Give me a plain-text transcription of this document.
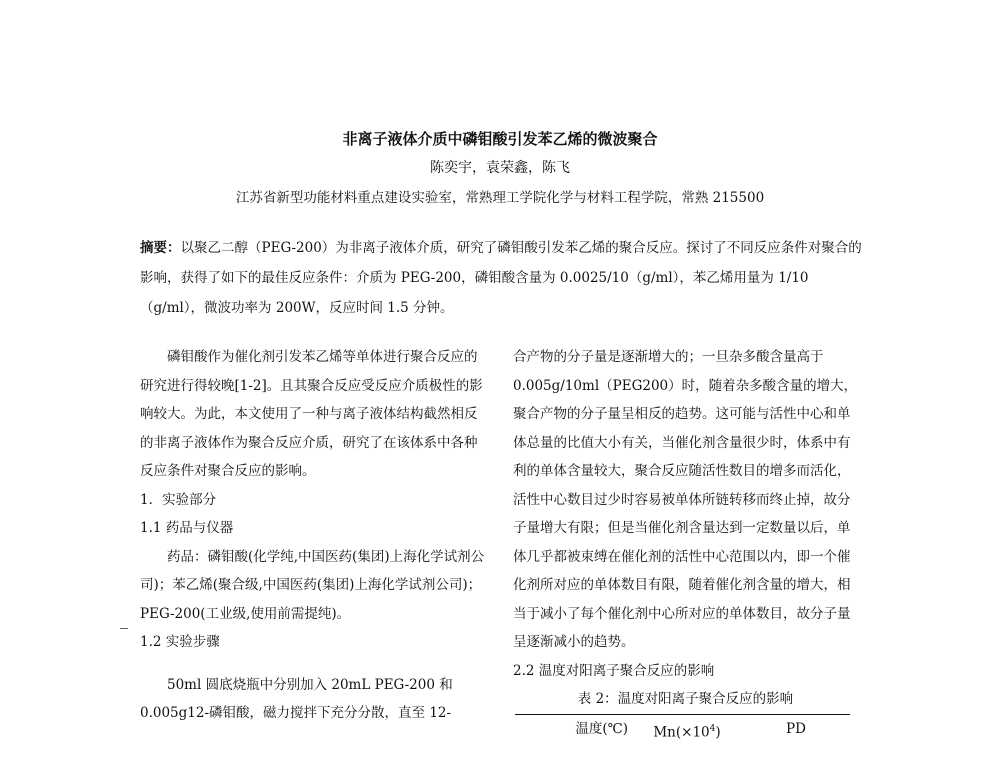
非离子液体介质中磷钼酸引发苯乙烯的微波聚合
陈奕宇，袁荣鑫，陈飞
江苏省新型功能材料重点建设实验室，常熟理工学院化学与材料工程学院，常熟 215500

摘要：以聚乙二醇（PEG-200）为非离子液体介质，研究了磷钼酸引发苯乙烯的聚合反应。探讨了不同反应条件对聚合的影响，获得了如下的最佳反应条件：介质为 PEG-200，磷钼酸含量为 0.0025/10（g/ml），苯乙烯用量为 1/10（g/ml），微波功率为 200W，反应时间 1.5 分钟。

磷钼酸作为催化剂引发苯乙烯等单体进行聚合反应的研究进行得较晚[1-2]。且其聚合反应受反应介质极性的影响较大。为此，本文使用了一种与离子液体结构截然相反的非离子液体作为聚合反应介质，研究了在该体系中各种反应条件对聚合反应的影响。

1．实验部分

1.1 药品与仪器

药品：磷钼酸(化学纯,中国医药(集团)上海化学试剂公司)；苯乙烯(聚合级,中国医药(集团)上海化学试剂公司)；PEG-200(工业级,使用前需提纯)。

1.2 实验步骤

50ml 圆底烧瓶中分别加入 20mL PEG-200 和 0.005g12-磷钼酸，磁力搅拌下充分分散，直至 12-

合产物的分子量是逐渐增大的；一旦杂多酸含量高于 0.005g/10ml（PEG200）时，随着杂多酸含量的增大，聚合产物的分子量呈相反的趋势。这可能与活性中心和单体总量的比值大小有关，当催化剂含量很少时，体系中有利的单体含量较大，聚合反应随活性数目的增多而活化，活性中心数目过少时容易被单体所链转移而终止掉，故分子量增大有限；但是当催化剂含量达到一定数量以后，单体几乎都被束缚在催化剂的活性中心范围以内，即一个催化剂所对应的单体数目有限，随着催化剂含量的增大，相当于减小了每个催化剂中心所对应的单体数目，故分子量呈逐渐减小的趋势。

2.2 温度对阳离子聚合反应的影响

表 2：温度对阳离子聚合反应的影响

温度(℃)	$Mn(\times 10^4)$	PD
